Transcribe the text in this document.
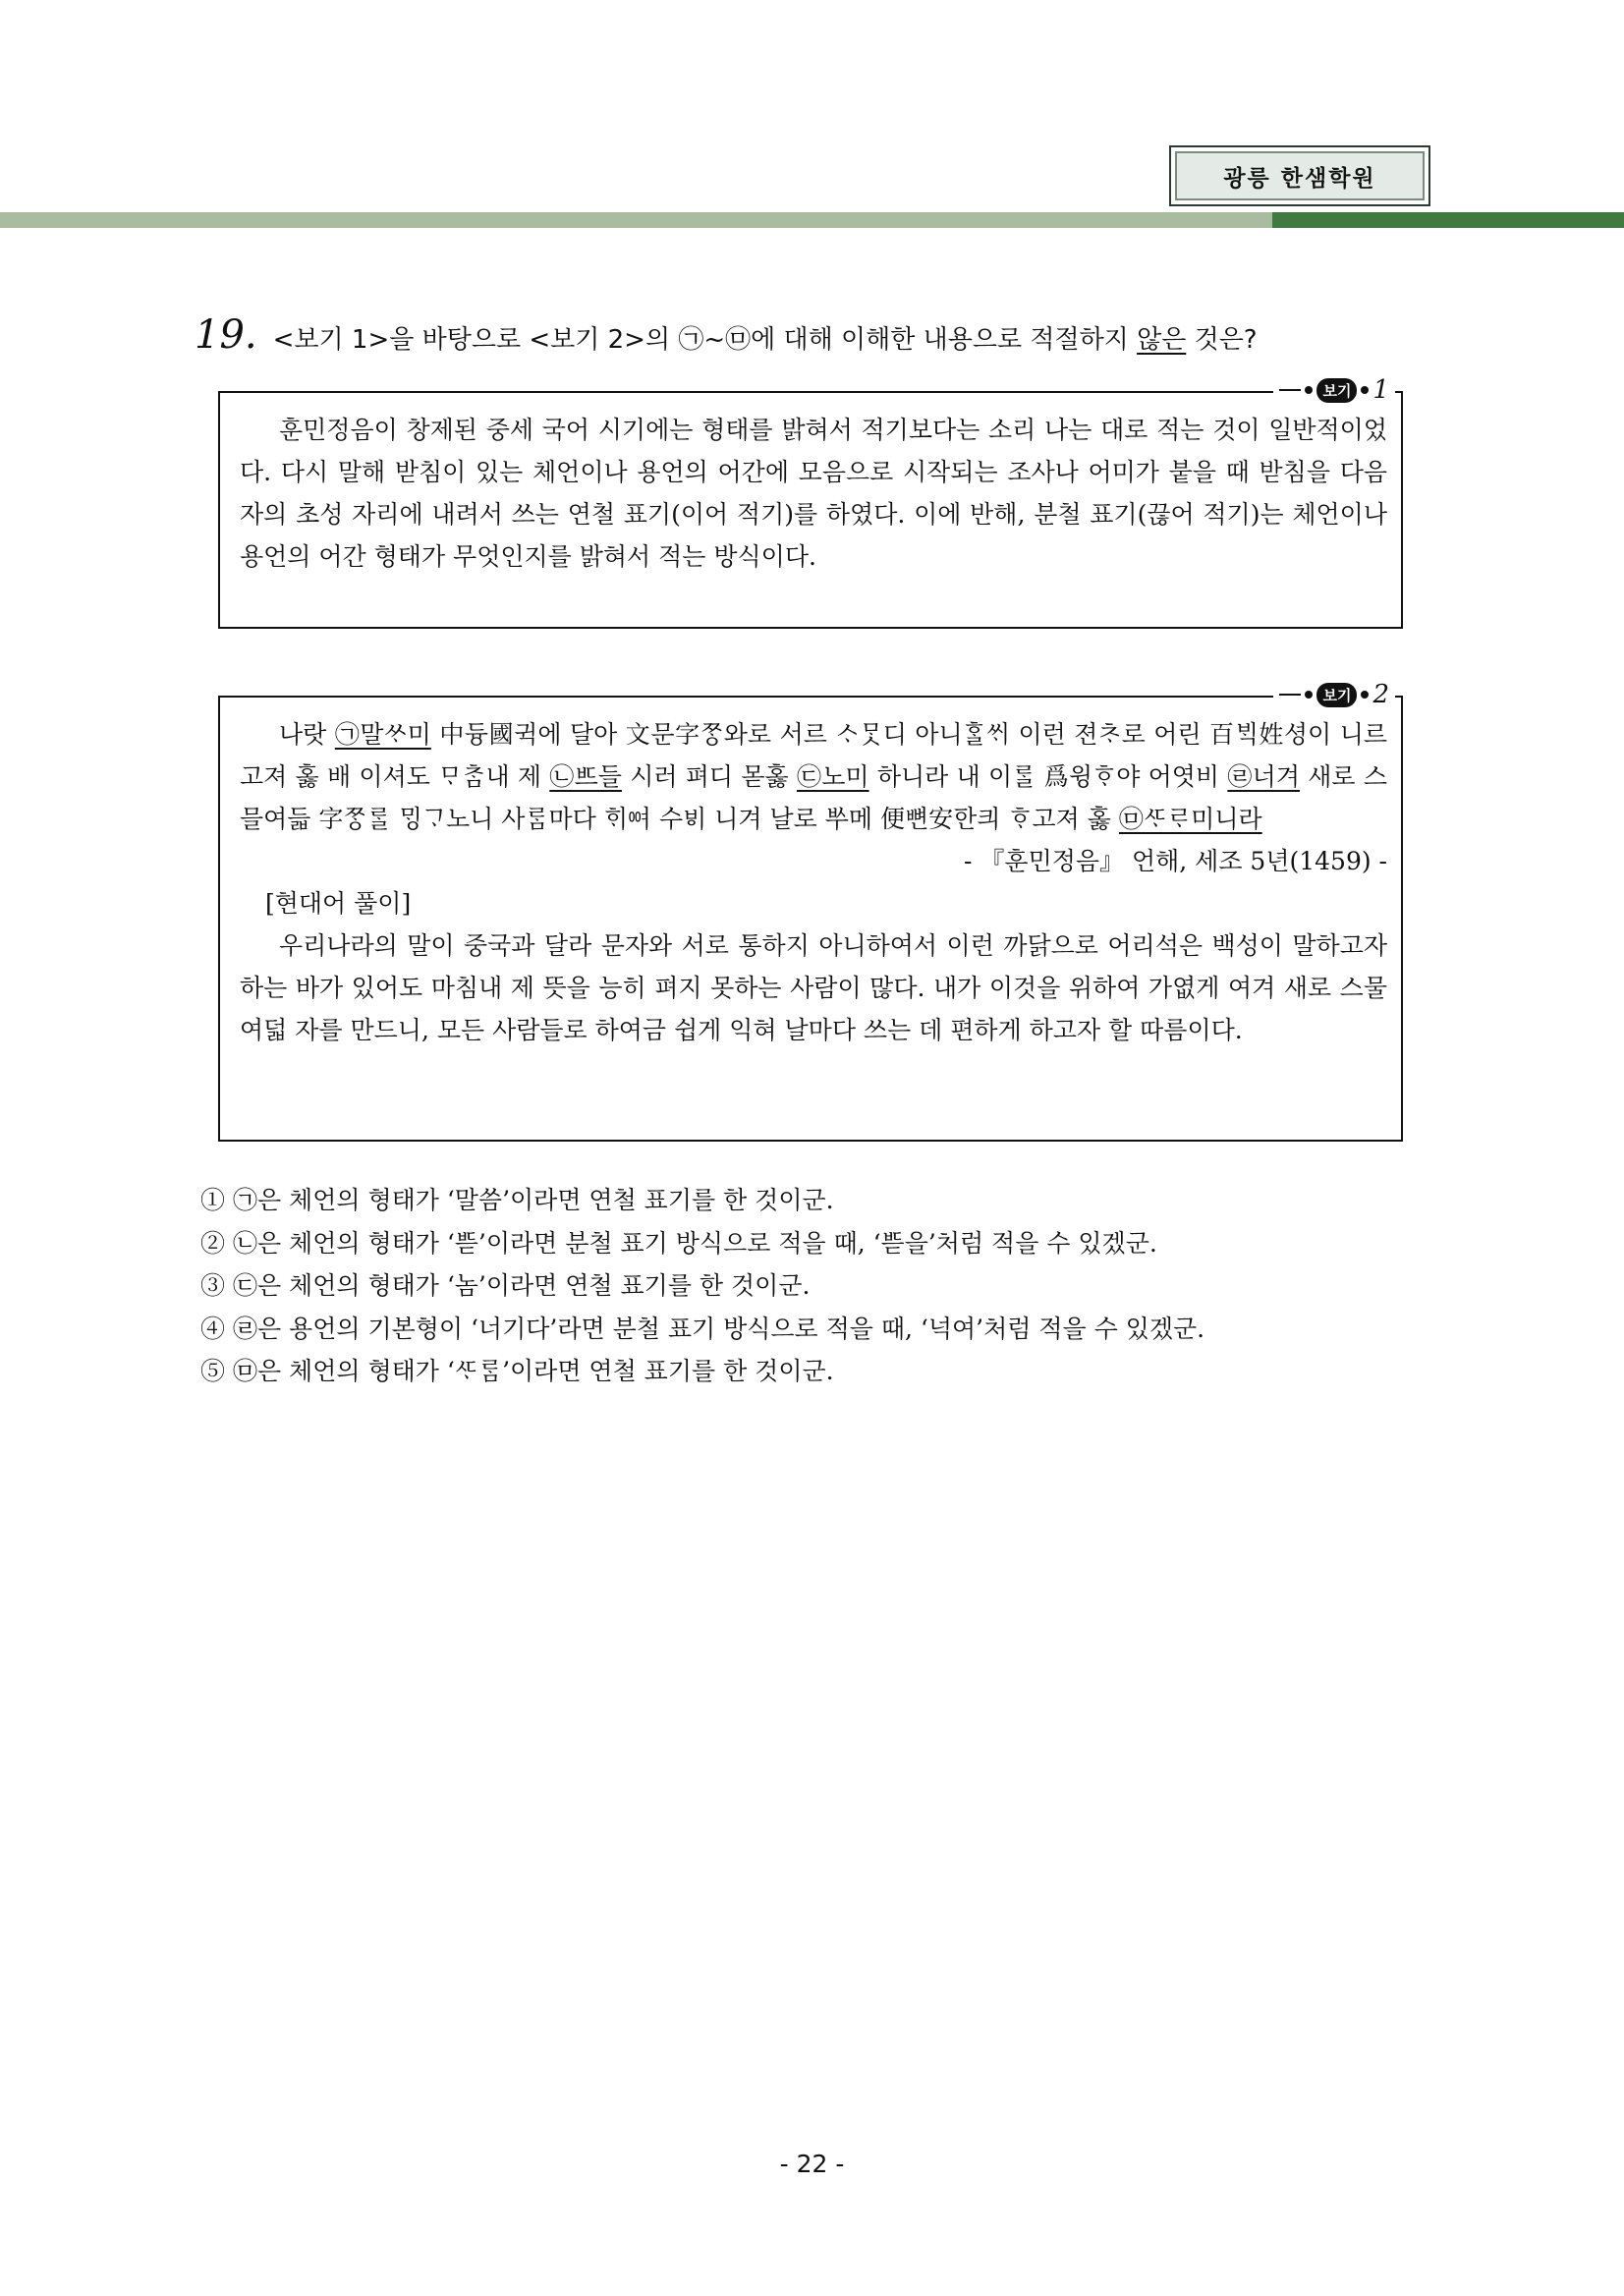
광릉 한샘학원
19. <보기 1>을 바탕으로 <보기 2>의 ㉠~㉤에 대해 이해한 내용으로 적절하지 않은 것은?
보기 1

훈민정음이 창제된 중세 국어 시기에는 형태를 밝혀서 적기보다는 소리 나는 대로 적는 것이 일반적이었다. 다시 말해 받침이 있는 체언이나 용언의 어간에 모음으로 시작되는 조사나 어미가 붙을 때 받침을 다음 자의 초성 자리에 내려서 쓰는 연철 표기(이어 적기)를 하였다. 이에 반해, 분철 표기(끊어 적기)는 체언이나 용언의 어간 형태가 무엇인지를 밝혀서 적는 방식이다.

보기 2

나랏 ㉠말ᄊᆞ미 中듕國귁에 달아 文문字ᄍᆞᆼ와로 서르 ᄉᆞᄆᆞᆺ디 아니ᄒᆞᆯᄊᆡ 이런 젼ᄎᆞ로 어린 百ᄇᆡᆨ姓셩이 니르고져 홇 배 이셔도 ᄆᆞᄎᆞᆷ내 제 ㉡ᄠᅳ들 시러 펴디 몯홇 ㉢노미 하니라 내 이ᄅᆞᆯ 爲윙ᄒᆞ야 어엿비 ㉣너겨 새로 스믈여듧 字ᄍᆞᆼᄅᆞᆯ ᄆᆡᆼᄀᆞ노니 사ᄅᆞᆷ마다 ᄒᆡᅇᅧ 수ᄫᅵ 니겨 날로 ᄡᅮ메 便뼌安ᅙᅡᆫ킈 ᄒᆞ고져 홇 ㉤ᄯᆞᄅᆞ미니라

- 『훈민정음』 언해, 세조 5년(1459) -

[현대어 풀이]

우리나라의 말이 중국과 달라 문자와 서로 통하지 아니하여서 이런 까닭으로 어리석은 백성이 말하고자 하는 바가 있어도 마침내 제 뜻을 능히 펴지 못하는 사람이 많다. 내가 이것을 위하여 가엾게 여겨 새로 스물여덟 자를 만드니, 모든 사람들로 하여금 쉽게 익혀 날마다 쓰는 데 편하게 하고자 할 따름이다.

① ㉠은 체언의 형태가 ‘말씀’이라면 연철 표기를 한 것이군.
② ㉡은 체언의 형태가 ‘ᄠᅳᆮ’이라면 분철 표기 방식으로 적을 때, ‘ᄠᅳᆮ을’처럼 적을 수 있겠군.
③ ㉢은 체언의 형태가 ‘놈’이라면 연철 표기를 한 것이군.
④ ㉣은 용언의 기본형이 ‘너기다’라면 분철 표기 방식으로 적을 때, ‘넉여’처럼 적을 수 있겠군.
⑤ ㉤은 체언의 형태가 ‘ᄯᆞᄅᆞᆷ’이라면 연철 표기를 한 것이군.
- 22 -
